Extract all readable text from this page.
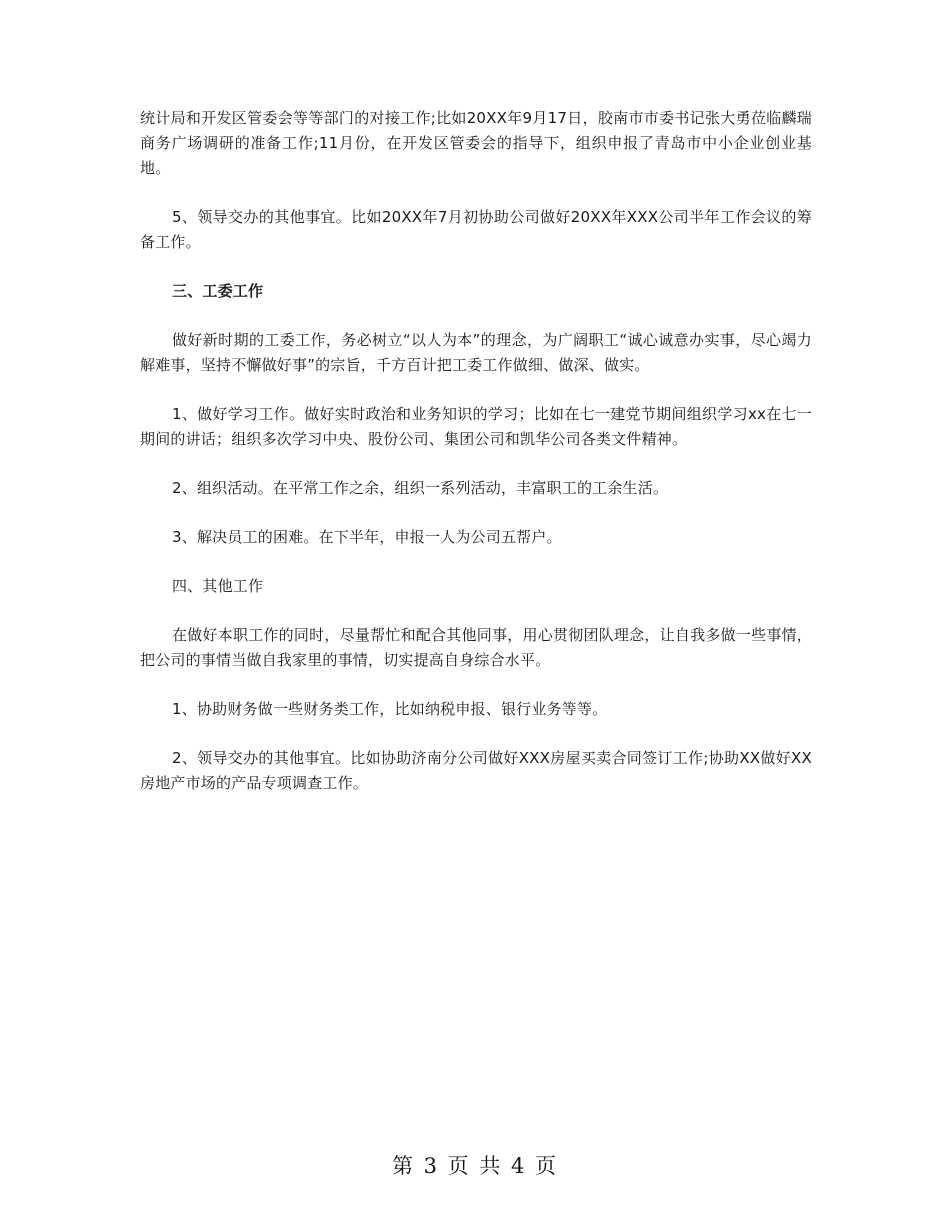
统计局和开发区管委会等等部门的对接工作;比如20XX年9月17日，胶南市市委书记张大勇莅临麟瑞商务广场调研的准备工作;11月份，在开发区管委会的指导下，组织申报了青岛市中小企业创业基地。

5、领导交办的其他事宜。比如20XX年7月初协助公司做好20XX年XXX公司半年工作会议的筹备工作。

三、工委工作

做好新时期的工委工作，务必树立“以人为本”的理念，为广阔职工“诚心诚意办实事，尽心竭力解难事，坚持不懈做好事”的宗旨，千方百计把工委工作做细、做深、做实。

1、做好学习工作。做好实时政治和业务知识的学习；比如在七一建党节期间组织学习xx在七一期间的讲话；组织多次学习中央、股份公司、集团公司和凯华公司各类文件精神。

2、组织活动。在平常工作之余，组织一系列活动，丰富职工的工余生活。

3、解决员工的困难。在下半年，申报一人为公司五帮户。

四、其他工作

在做好本职工作的同时，尽量帮忙和配合其他同事，用心贯彻团队理念，让自我多做一些事情，把公司的事情当做自我家里的事情，切实提高自身综合水平。

1、协助财务做一些财务类工作，比如纳税申报、银行业务等等。

2、领导交办的其他事宜。比如协助济南分公司做好XXX房屋买卖合同签订工作;协助XX做好XX房地产市场的产品专项调查工作。

第 3 页 共 4 页
